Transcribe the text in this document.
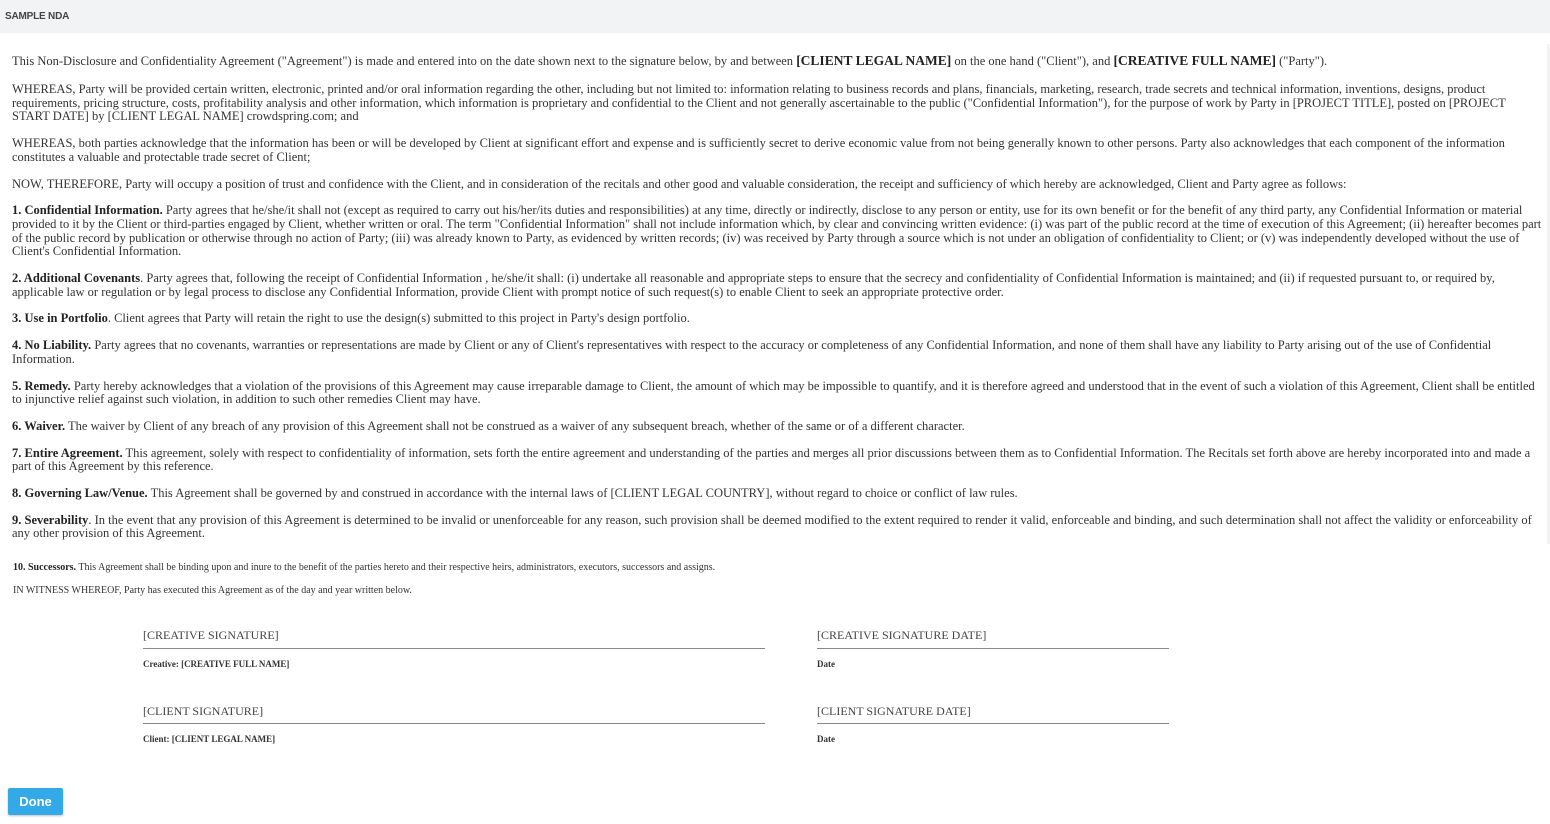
SAMPLE NDA

This Non-Disclosure and Confidentiality Agreement ("Agreement") is made and entered into on the date shown next to the signature below, by and between [CLIENT LEGAL NAME] on the one hand ("Client"), and [CREATIVE FULL NAME] ("Party").

WHEREAS, Party will be provided certain written, electronic, printed and/or oral information regarding the other, including but not limited to: information relating to business records and plans, financials, marketing, research, trade secrets and technical information, inventions, designs, product requirements, pricing structure, costs, profitability analysis and other information, which information is proprietary and confidential to the Client and not generally ascertainable to the public ("Confidential Information"), for the purpose of work by Party in [PROJECT TITLE], posted on [PROJECT START DATE] by [CLIENT LEGAL NAME] crowdspring.com; and

WHEREAS, both parties acknowledge that the information has been or will be developed by Client at significant effort and expense and is sufficiently secret to derive economic value from not being generally known to other persons. Party also acknowledges that each component of the information constitutes a valuable and protectable trade secret of Client;

NOW, THEREFORE, Party will occupy a position of trust and confidence with the Client, and in consideration of the recitals and other good and valuable consideration, the receipt and sufficiency of which hereby are acknowledged, Client and Party agree as follows:

1. Confidential Information. Party agrees that he/she/it shall not (except as required to carry out his/her/its duties and responsibilities) at any time, directly or indirectly, disclose to any person or entity, use for its own benefit or for the benefit of any third party, any Confidential Information or material provided to it by the Client or third-parties engaged by Client, whether written or oral. The term "Confidential Information" shall not include information which, by clear and convincing written evidence: (i) was part of the public record at the time of execution of this Agreement; (ii) hereafter becomes part of the public record by publication or otherwise through no action of Party; (iii) was already known to Party, as evidenced by written records; (iv) was received by Party through a source which is not under an obligation of confidentiality to Client; or (v) was independently developed without the use of Client's Confidential Information.

2. Additional Covenants. Party agrees that, following the receipt of Confidential Information , he/she/it shall: (i) undertake all reasonable and appropriate steps to ensure that the secrecy and confidentiality of Confidential Information is maintained; and (ii) if requested pursuant to, or required by, applicable law or regulation or by legal process to disclose any Confidential Information, provide Client with prompt notice of such request(s) to enable Client to seek an appropriate protective order.

3. Use in Portfolio. Client agrees that Party will retain the right to use the design(s) submitted to this project in Party's design portfolio.

4. No Liability. Party agrees that no covenants, warranties or representations are made by Client or any of Client's representatives with respect to the accuracy or completeness of any Confidential Information, and none of them shall have any liability to Party arising out of the use of Confidential Information.

5. Remedy. Party hereby acknowledges that a violation of the provisions of this Agreement may cause irreparable damage to Client, the amount of which may be impossible to quantify, and it is therefore agreed and understood that in the event of such a violation of this Agreement, Client shall be entitled to injunctive relief against such violation, in addition to such other remedies Client may have.

6. Waiver. The waiver by Client of any breach of any provision of this Agreement shall not be construed as a waiver of any subsequent breach, whether of the same or of a different character.

7. Entire Agreement. This agreement, solely with respect to confidentiality of information, sets forth the entire agreement and understanding of the parties and merges all prior discussions between them as to Confidential Information. The Recitals set forth above are hereby incorporated into and made a part of this Agreement by this reference.

8. Governing Law/Venue. This Agreement shall be governed by and construed in accordance with the internal laws of [CLIENT LEGAL COUNTRY], without regard to choice or conflict of law rules.

9. Severability. In the event that any provision of this Agreement is determined to be invalid or unenforceable for any reason, such provision shall be deemed modified to the extent required to render it valid, enforceable and binding, and such determination shall not affect the validity or enforceability of any other provision of this Agreement.

10. Successors. This Agreement shall be binding upon and inure to the benefit of the parties hereto and their respective heirs, administrators, executors, successors and assigns.
IN WITNESS WHEREOF, Party has executed this Agreement as of the day and year written below.
[CREATIVE SIGNATURE]
Creative: [CREATIVE FULL NAME]
[CREATIVE SIGNATURE DATE]
Date
[CLIENT SIGNATURE]
Client: [CLIENT LEGAL NAME]
[CLIENT SIGNATURE DATE]
Date
Done
